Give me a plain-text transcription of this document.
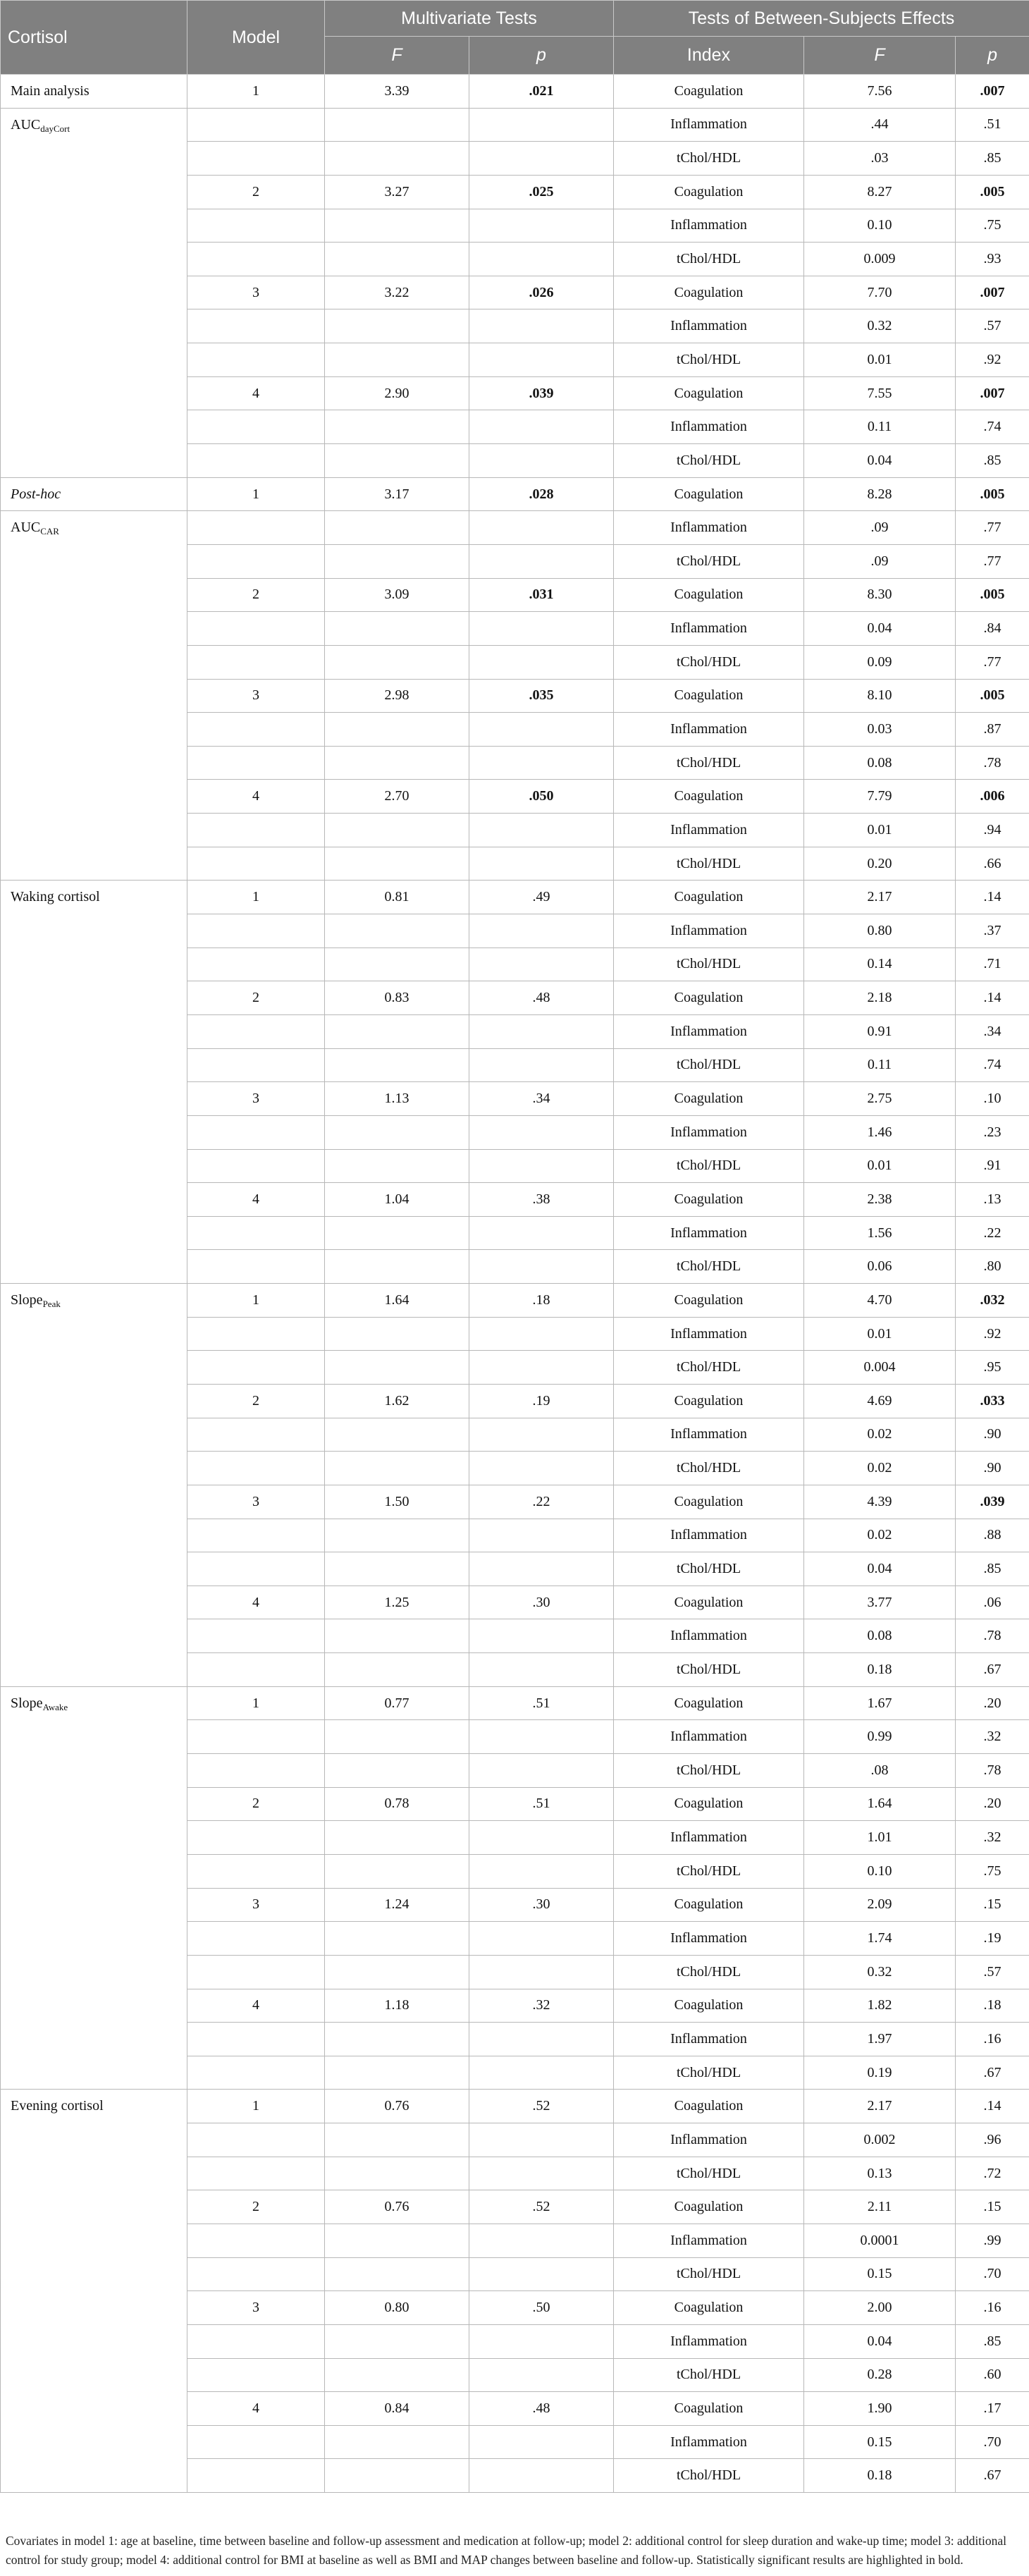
Cortisol	Model	Multivariate Tests		Tests of Between-Subjects Effects		
		F	p	Index	F	p
Main analysis	1	3.39	.021	Coagulation	7.56	.007
$AUC_{dayCort}$				Inflammation	.44	.51
				tChol/HDL	.03	.85
	2	3.27	.025	Coagulation	8.27	.005
				Inflammation	0.10	.75
				tChol/HDL	0.009	.93
	3	3.22	.026	Coagulation	7.70	.007
				Inflammation	0.32	.57
				tChol/HDL	0.01	.92
	4	2.90	.039	Coagulation	7.55	.007
				Inflammation	0.11	.74
				tChol/HDL	0.04	.85
Post-hoc	1	3.17	.028	Coagulation	8.28	.005
$AUC_{CAR}$				Inflammation	.09	.77
				tChol/HDL	.09	.77
	2	3.09	.031	Coagulation	8.30	.005
				Inflammation	0.04	.84
				tChol/HDL	0.09	.77
	3	2.98	.035	Coagulation	8.10	.005
				Inflammation	0.03	.87
				tChol/HDL	0.08	.78
	4	2.70	.050	Coagulation	7.79	.006
				Inflammation	0.01	.94
				tChol/HDL	0.20	.66
Waking cortisol	1	0.81	.49	Coagulation	2.17	.14
				Inflammation	0.80	.37
				tChol/HDL	0.14	.71
	2	0.83	.48	Coagulation	2.18	.14
				Inflammation	0.91	.34
				tChol/HDL	0.11	.74
	3	1.13	.34	Coagulation	2.75	.10
				Inflammation	1.46	.23
				tChol/HDL	0.01	.91
	4	1.04	.38	Coagulation	2.38	.13
				Inflammation	1.56	.22
				tChol/HDL	0.06	.80
Slope$_{Peak}$	1	1.64	.18	Coagulation	4.70	.032
				Inflammation	0.01	.92
				tChol/HDL	0.004	.95
	2	1.62	.19	Coagulation	4.69	.033
				Inflammation	0.02	.90
				tChol/HDL	0.02	.90
	3	1.50	.22	Coagulation	4.39	.039
				Inflammation	0.02	.88
				tChol/HDL	0.04	.85
	4	1.25	.30	Coagulation	3.77	.06
				Inflammation	0.08	.78
				tChol/HDL	0.18	.67
Slope$_{Awake}$	1	0.77	.51	Coagulation	1.67	.20
				Inflammation	0.99	.32
				tChol/HDL	.08	.78
	2	0.78	.51	Coagulation	1.64	.20
				Inflammation	1.01	.32
				tChol/HDL	0.10	.75
	3	1.24	.30	Coagulation	2.09	.15
				Inflammation	1.74	.19
				tChol/HDL	0.32	.57
	4	1.18	.32	Coagulation	1.82	.18
				Inflammation	1.97	.16
				tChol/HDL	0.19	.67
Evening cortisol	1	0.76	.52	Coagulation	2.17	.14
				Inflammation	0.002	.96
				tChol/HDL	0.13	.72
	2	0.76	.52	Coagulation	2.11	.15
				Inflammation	0.0001	.99
				tChol/HDL	0.15	.70
	3	0.80	.50	Coagulation	2.00	.16
				Inflammation	0.04	.85
				tChol/HDL	0.28	.60
	4	0.84	.48	Coagulation	1.90	.17
				Inflammation	0.15	.70
				tChol/HDL	0.18	.67
Covariates in model 1: age at baseline, time between baseline and follow-up assessment and medication at follow-up; model 2: additional control for sleep duration and wake-up time; model 3: additional control for study group; model 4: additional control for BMI at baseline as well as BMI and MAP changes between baseline and follow-up. Statistically significant results are highlighted in bold.
